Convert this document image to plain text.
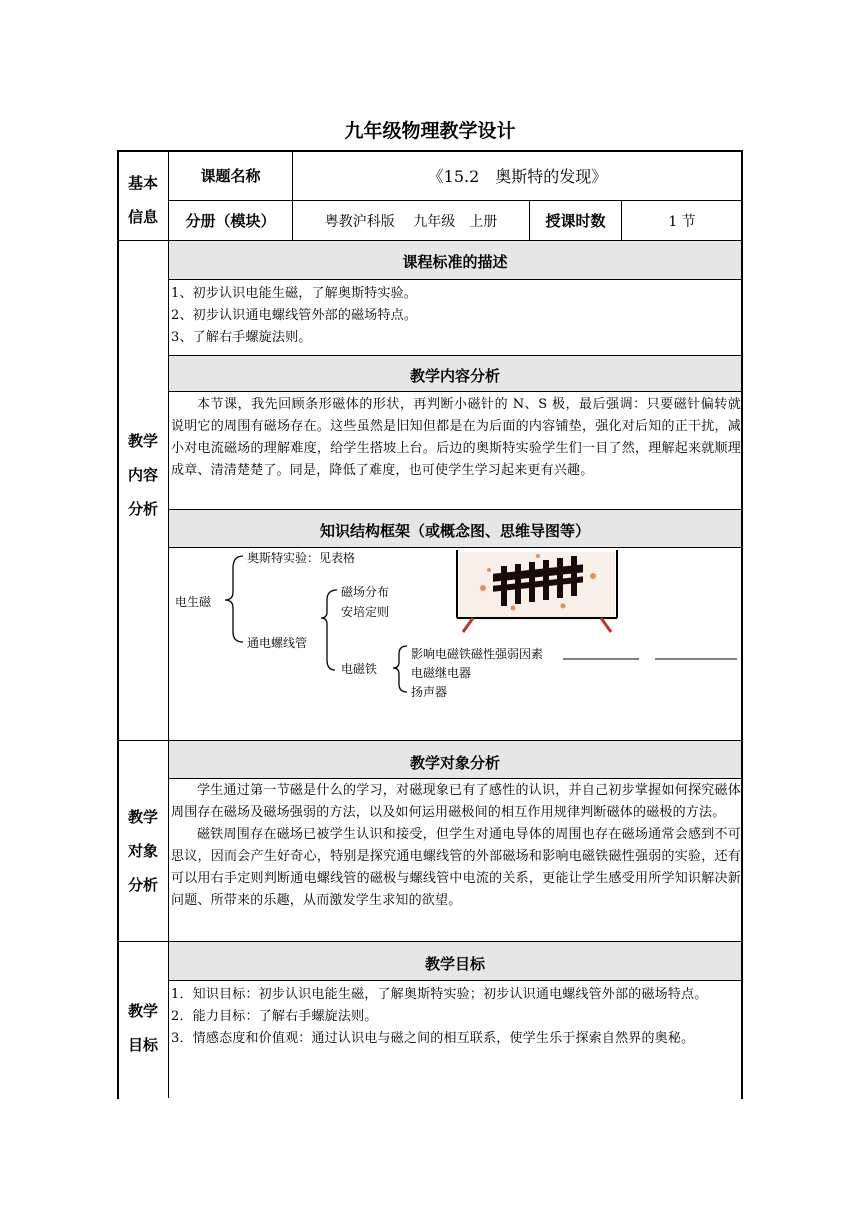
九年级物理教学设计
基本
信息
课题名称	《15.2　奥斯特的发现》
分册（模块）	粤教沪科版　 九年级　上册	授课时数	1 节
教学
内容
分析
课程标准的描述

1、初步认识电能生磁，了解奥斯特实验。

2、初步认识通电螺线管外部的磁场特点。

3、了解右手螺旋法则。

教学内容分析

本节课，我先回顾条形磁体的形状，再判断小磁针的 N、S 极，最后强调：只要磁针偏转就说明它的周围有磁场存在。这些虽然是旧知但都是在为后面的内容铺垫，强化对后知的正干扰，减小对电流磁场的理解难度，给学生搭坡上台。后边的奥斯特实验学生们一目了然，理解起来就顺理成章、清清楚楚了。同是，降低了难度，也可使学生学习起来更有兴趣。

知识结构框架（或概念图、思维导图等）
电生磁
奥斯特实验：见表格
通电螺线管
磁场分布
安培定则
电磁铁
影响电磁铁磁性强弱因素
电磁继电器
扬声器
教学
对象
分析
教学对象分析

学生通过第一节磁是什么的学习，对磁现象已有了感性的认识，并自己初步掌握如何探究磁体周围存在磁场及磁场强弱的方法，以及如何运用磁极间的相互作用规律判断磁体的磁极的方法。

磁铁周围存在磁场已被学生认识和接受，但学生对通电导体的周围也存在磁场通常会感到不可思议，因而会产生好奇心，特别是探究通电螺线管的外部磁场和影响电磁铁磁性强弱的实验，还有可以用右手定则判断通电螺线管的磁极与螺线管中电流的关系，更能让学生感受用所学知识解决新问题、所带来的乐趣，从而激发学生求知的欲望。

教学
目标
教学目标

1．知识目标：初步认识电能生磁，了解奥斯特实验；初步认识通电螺线管外部的磁场特点。

2．能力目标：了解右手螺旋法则。

3．情感态度和价值观：通过认识电与磁之间的相互联系，使学生乐于探索自然界的奥秘。
